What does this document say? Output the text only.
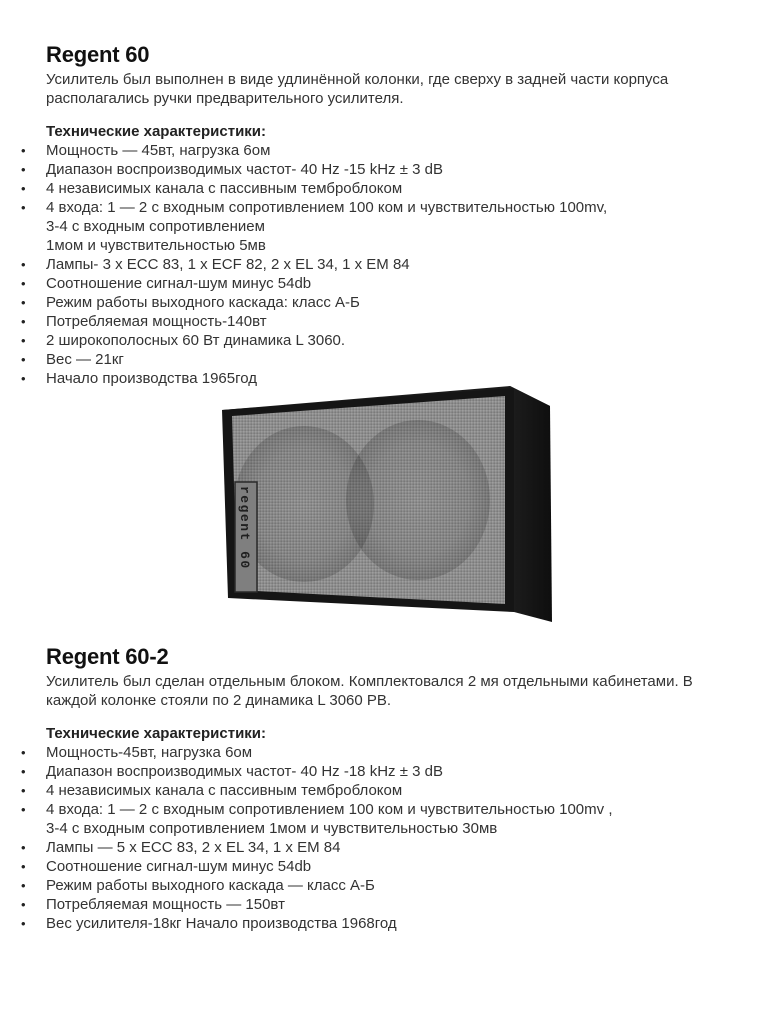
Regent 60

Усилитель был выполнен в виде удлинённой колонки, где сверху в задней части корпуса располагались ручки предварительного усилителя.

Технические характеристики:
• Мощность — 45вт, нагрузка 6ом
• Диапазон воспроизводимых частот- 40 Hz -15 kHz ± 3 dB
• 4 независимых канала с пассивным темброблоком
• 4 входа: 1 — 2 с входным сопротивлением 100 ком и чувствительностью 100mv,
3-4 с входным сопротивлением
1мом и чувствительностью 5мв
• Лампы- 3 x ECC 83, 1 x ECF 82, 2 x EL 34, 1 x EM 84
• Соотношение сигнал-шум минус 54db
• Режим работы выходного каскада: класс А-Б
• Потребляемая мощность-140вт
• 2 широкополосных 60 Вт динамика L 3060.
• Вес — 21кг
• Начало производства 1965год
regent 60
Regent 60-2

Усилитель был сделан отдельным блоком. Комплектовался 2 мя отдельными кабинетами. В каждой колонке стояли по 2 динамика L 3060 PB.

Технические характеристики:
• Мощность-45вт, нагрузка 6ом
• Диапазон воспроизводимых частот- 40 Hz -18 kHz ± 3 dB
• 4 независимых канала с пассивным темброблоком
• 4 входа: 1 — 2 с входным сопротивлением 100 ком и чувствительностью 100mv ,
3-4 с входным сопротивлением 1мом и чувствительностью 30мв
• Лампы — 5 x ECC 83, 2 x EL 34, 1 x EM 84
• Соотношение сигнал-шум минус 54db
• Режим работы выходного каскада — класс А-Б
• Потребляемая мощность — 150вт
• Вес усилителя-18кг Начало производства 1968год
